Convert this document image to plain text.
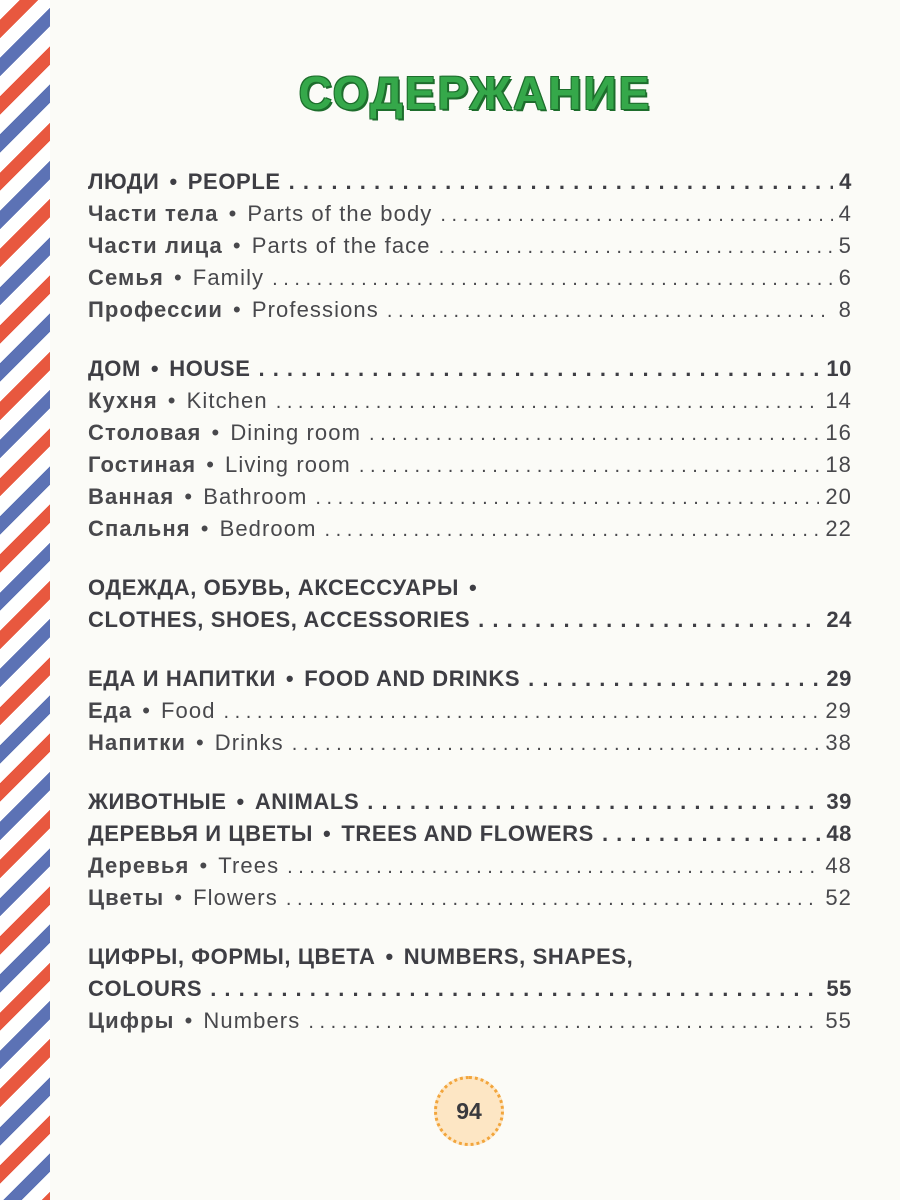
СОДЕРЖАНИЕ
ЛЮДИ • PEOPLE . . .	4
Части тела • Parts of the body . . .	4
Части лица • Parts of the face . . .	5
Семья • Family . . .	6
Профессии • Professions . . .	8
ДОМ • HOUSE . . .	10
Кухня • Kitchen . . .	14
Столовая • Dining room . . .	16
Гостиная • Living room . . .	18
Ванная • Bathroom . . .	20
Спальня • Bedroom . . .	22
ОДЕЖДА, ОБУВЬ, АКСЕССУАРЫ •
CLOTHES, SHOES, ACCESSORIES . . .	24
ЕДА И НАПИТКИ • FOOD AND DRINKS . . .	29
Еда • Food . . .	29
Напитки • Drinks . . .	38
ЖИВОТНЫЕ • ANIMALS . . .	39
ДЕРЕВЬЯ И ЦВЕТЫ • TREES AND FLOWERS . . .	48
Деревья • Trees . . .	48
Цветы • Flowers . . .	52
ЦИФРЫ, ФОРМЫ, ЦВЕТА • NUMBERS, SHAPES,
COLOURS . . .	55
Цифры • Numbers . . .	55
94
